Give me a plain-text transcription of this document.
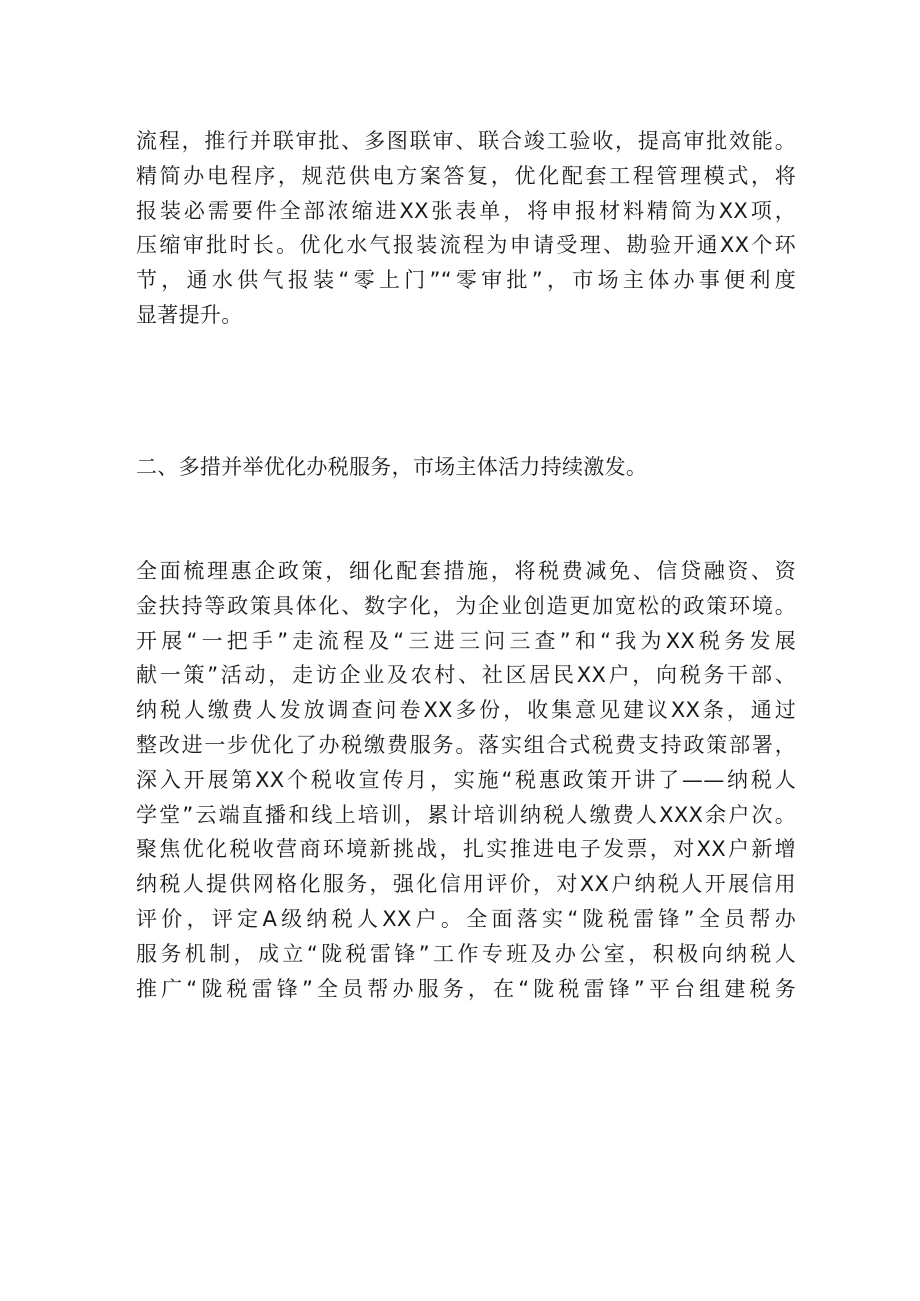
流程，推行并联审批、多图联审、联合竣工验收，提高审批效能。
精简办电程序，规范供电方案答复，优化配套工程管理模式，将
报装必需要件全部浓缩进XX张表单，将申报材料精简为XX项，
压缩审批时长。优化水气报装流程为申请受理、勘验开通XX个环
节，通水供气报装“零上门”“零审批”，市场主体办事便利度
显著提升。
二、多措并举优化办税服务，市场主体活力持续激发。
全面梳理惠企政策，细化配套措施，将税费减免、信贷融资、资
金扶持等政策具体化、数字化，为企业创造更加宽松的政策环境。
开展“一把手”走流程及“三进三问三查”和“我为XX税务发展
献一策”活动，走访企业及农村、社区居民XX户，向税务干部、
纳税人缴费人发放调查问卷XX多份，收集意见建议XX条，通过
整改进一步优化了办税缴费服务。落实组合式税费支持政策部署，
深入开展第XX个税收宣传月，实施“税惠政策开讲了——纳税人
学堂”云端直播和线上培训，累计培训纳税人缴费人XXX余户次。
聚焦优化税收营商环境新挑战，扎实推进电子发票，对XX户新增
纳税人提供网格化服务，强化信用评价，对XX户纳税人开展信用
评价，评定A级纳税人XX户。全面落实“陇税雷锋”全员帮办
服务机制，成立“陇税雷锋”工作专班及办公室，积极向纳税人
推广“陇税雷锋”全员帮办服务，在“陇税雷锋”平台组建税务
